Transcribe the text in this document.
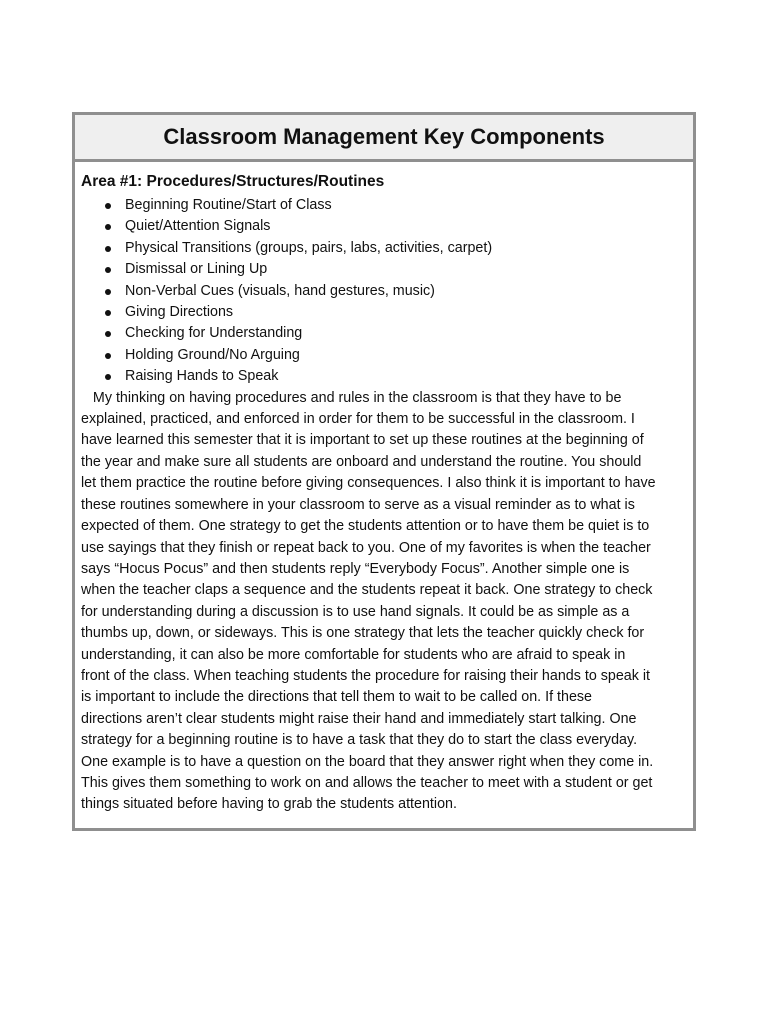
Classroom Management Key Components
Area #1: Procedures/Structures/Routines
Beginning Routine/Start of Class
Quiet/Attention Signals
Physical Transitions (groups, pairs, labs, activities, carpet)
Dismissal or Lining Up
Non-Verbal Cues (visuals, hand gestures, music)
Giving Directions
Checking for Understanding
Holding Ground/No Arguing
Raising Hands to Speak

My thinking on having procedures and rules in the classroom is that they have to be
explained, practiced, and enforced in order for them to be successful in the classroom. I
have learned this semester that it is important to set up these routines at the beginning of
the year and make sure all students are onboard and understand the routine. You should
let them practice the routine before giving consequences. I also think it is important to have
these routines somewhere in your classroom to serve as a visual reminder as to what is
expected of them. One strategy to get the students attention or to have them be quiet is to
use sayings that they finish or repeat back to you. One of my favorites is when the teacher
says “Hocus Pocus” and then students reply “Everybody Focus”. Another simple one is
when the teacher claps a sequence and the students repeat it back. One strategy to check
for understanding during a discussion is to use hand signals. It could be as simple as a
thumbs up, down, or sideways. This is one strategy that lets the teacher quickly check for
understanding, it can also be more comfortable for students who are afraid to speak in
front of the class. When teaching students the procedure for raising their hands to speak it
is important to include the directions that tell them to wait to be called on. If these
directions aren’t clear students might raise their hand and immediately start talking. One
strategy for a beginning routine is to have a task that they do to start the class everyday.
One example is to have a question on the board that they answer right when they come in.
This gives them something to work on and allows the teacher to meet with a student or get
things situated before having to grab the students attention.
